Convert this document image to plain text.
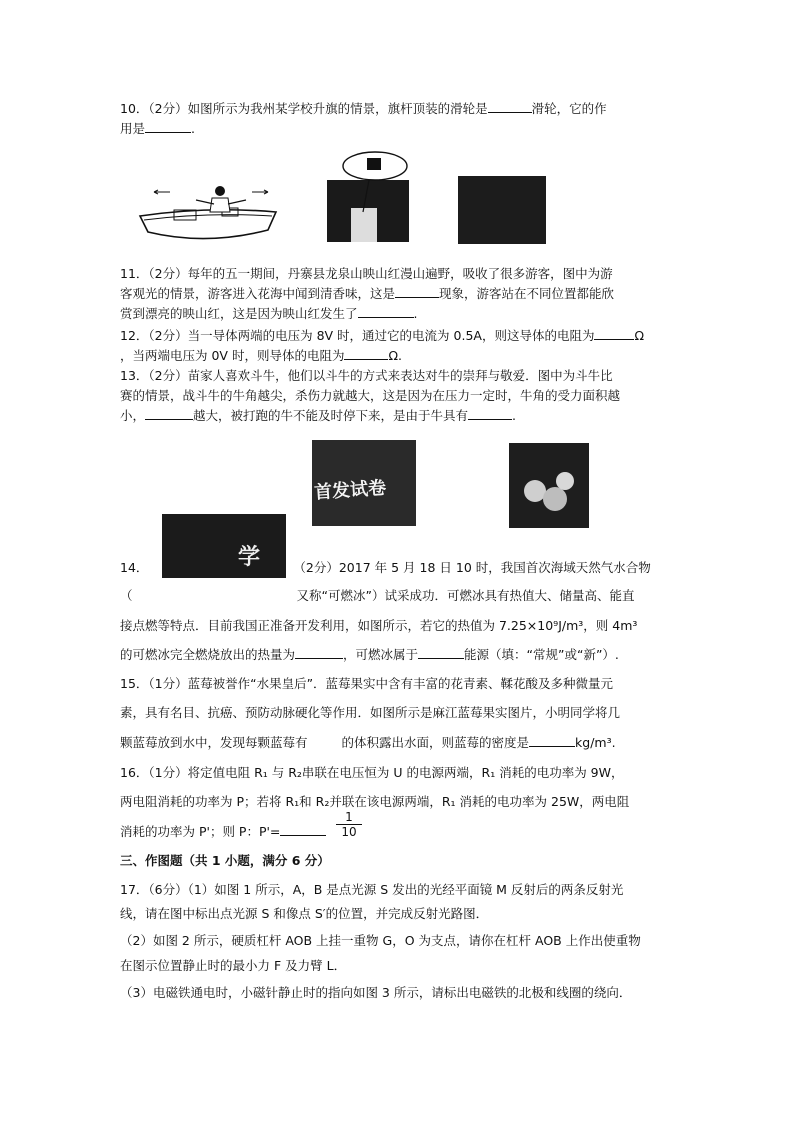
10．（2分）如图所示为我州某学校升旗的情景，旗杆顶装的滑轮是	滑轮，它的作
用是	.
11．（2分）每年的五一期间，丹寨县龙泉山映山红漫山遍野，吸收了很多游客，图中为游
客观光的情景，游客进入花海中闻到清香味，这是	现象，游客站在不同位置都能欣
赏到漂亮的映山红，这是因为映山红发生了	.
12．（2分）当一导体两端的电压为 8V 时，通过它的电流为 0.5A，则这导体的电阻为	Ω
，当两端电压为 0V 时，则导体的电阻为	Ω.
13．（2分）苗家人喜欢斗牛，他们以斗牛的方式来表达对牛的崇拜与敬爱．图中为斗牛比
赛的情景，战斗牛的牛角越尖，杀伤力就越大，这是因为在压力一定时，牛角的受力面积越
小，	越大，被打跑的牛不能及时停下来，是由于牛具有	.
首发试卷
学
14．	（2分）2017 年 5 月 18 日 10 时，我国首次海域天然气水合物
（	又称“可燃冰”）试采成功．可燃冰具有热值大、储量高、能直
接点燃等特点．目前我国正准备开发利用，如图所示，若它的热值为 7.25×10⁹J/m³，则 4m³
的可燃冰完全燃烧放出的热量为	，可燃冰属于	能源（填：“常规”或“新”）.
15．（1分）蓝莓被誉作“水果皇后”．蓝莓果实中含有丰富的花青素、鞣花酸及多种微量元
素，具有名目、抗癌、预防动脉硬化等作用．如图所示是麻江蓝莓果实图片，小明同学将几
颗蓝莓放到水中，发现每颗蓝莓有	的体积露出水面，则蓝莓的密度是	kg/m³.
16．（1分）将定值电阻 R₁ 与 R₂串联在电压恒为 U 的电源两端，R₁ 消耗的电功率为 9W，
两电阻消耗的功率为 P；若将 R₁和 R₂并联在该电源两端，R₁ 消耗的电功率为 25W，两电阻
消耗的功率为 P'；则 P：P'=	$\frac{1}{10}$
三、作图题（共 1 小题，满分 6 分）
17．（6分）（1）如图 1 所示，A，B 是点光源 S 发出的光经平面镜 M 反射后的两条反射光
线，请在图中标出点光源 S 和像点 S′的位置，并完成反射光路图．
（2）如图 2 所示，硬质杠杆 AOB 上挂一重物 G，O 为支点，请你在杠杆 AOB 上作出使重物
在图示位置静止时的最小力 F 及力臂 L．
（3）电磁铁通电时，小磁针静止时的指向如图 3 所示，请标出电磁铁的北极和线圈的绕向．
